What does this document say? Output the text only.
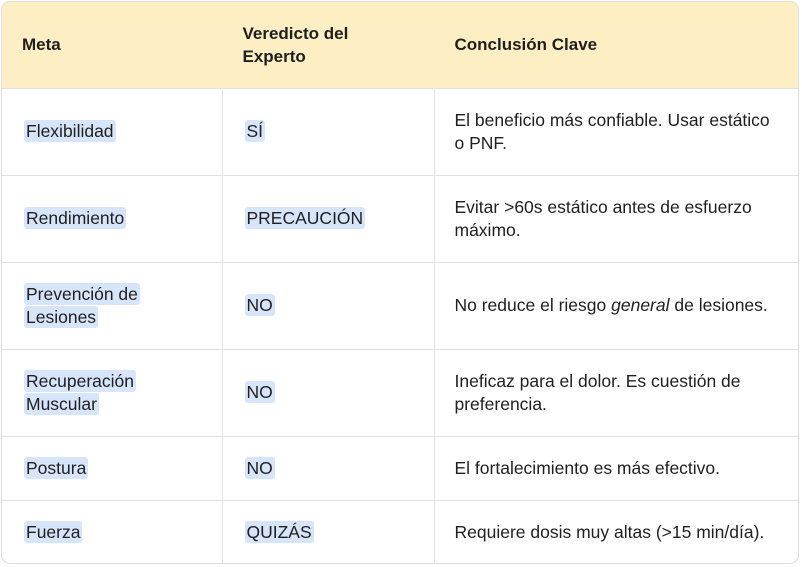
Meta	Veredicto del Experto	Conclusión Clave
Flexibilidad	SÍ	El beneficio más confiable. Usar estático o PNF.
Rendimiento	PRECAUCIÓN	Evitar >60s estático antes de esfuerzo máximo.
Prevención de Lesiones	NO	No reduce el riesgo general de lesiones.
Recuperación Muscular	NO	Ineficaz para el dolor. Es cuestión de preferencia.
Postura	NO	El fortalecimiento es más efectivo.
Fuerza	QUIZÁS	Requiere dosis muy altas (>15 min/día).
